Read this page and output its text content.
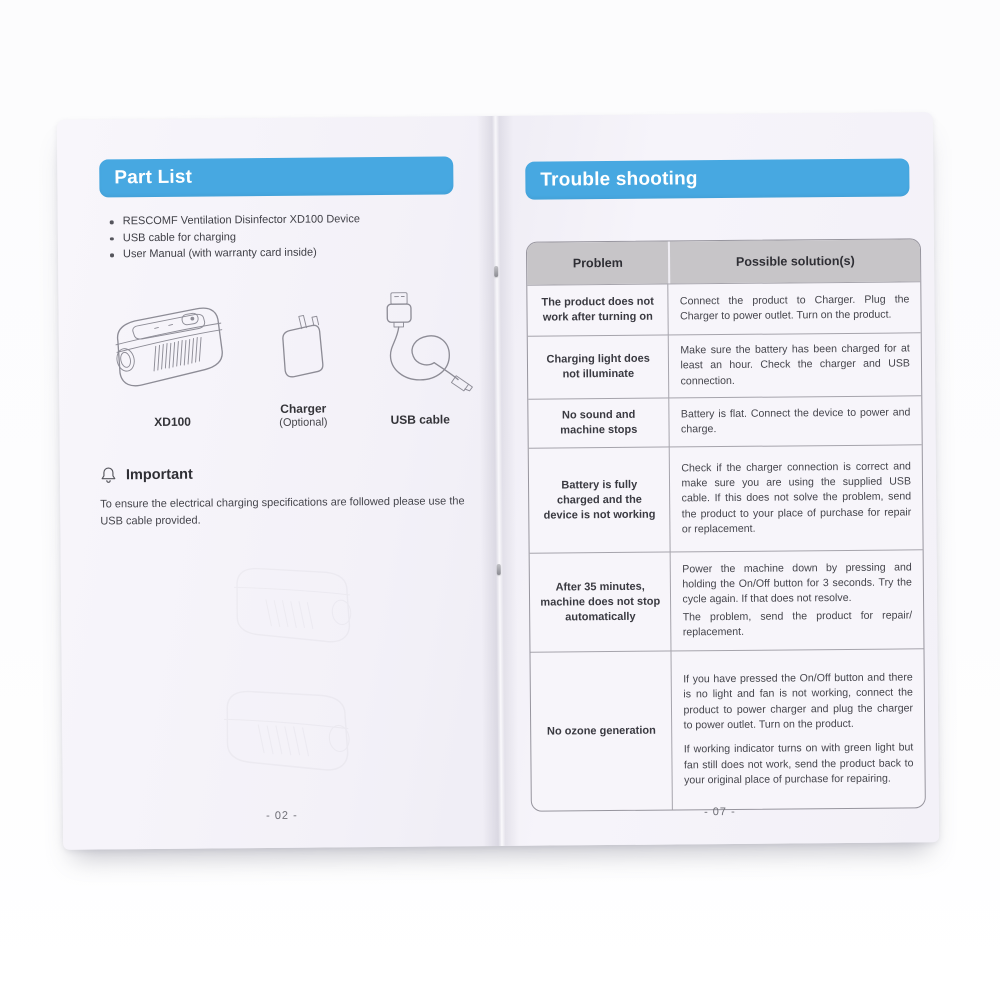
Part List
RESCOMF Ventilation Disinfector XD100 Device
USB cable for charging
User Manual (with warranty card inside)
XD100
Charger
(Optional)	USB cable
Important

To ensure the electrical charging specifications are followed please use the USB cable provided.

- 02 -
Trouble shooting
Problem	Possible solution(s)
The product does not work after turning on
Connect the product to Charger. Plug the Charger to power outlet. Turn on the product.
Charging light does not illuminate
Make sure the battery has been charged for at least an hour. Check the charger and USB connection.
No sound and machine stops
Battery is flat. Connect the device to power and charge.
Battery is fully charged and the device is not working
Check if the charger connection is correct and make sure you are using the supplied USB cable. If this does not solve the problem, send the product to your place of purchase for repair or replacement.
After 35 minutes, machine does not stop automatically
Power the machine down by pressing and holding the On/Off button for 3 seconds. Try the cycle again. If that does not resolve.
The problem, send the product for repair/ replacement.
No ozone generation
If you have pressed the On/Off button and there is no light and fan is not working, connect the product to power charger and plug the charger to power outlet. Turn on the product.
If working indicator turns on with green light but fan still does not work, send the product back to your original place of purchase for repairing.
- 07 -
